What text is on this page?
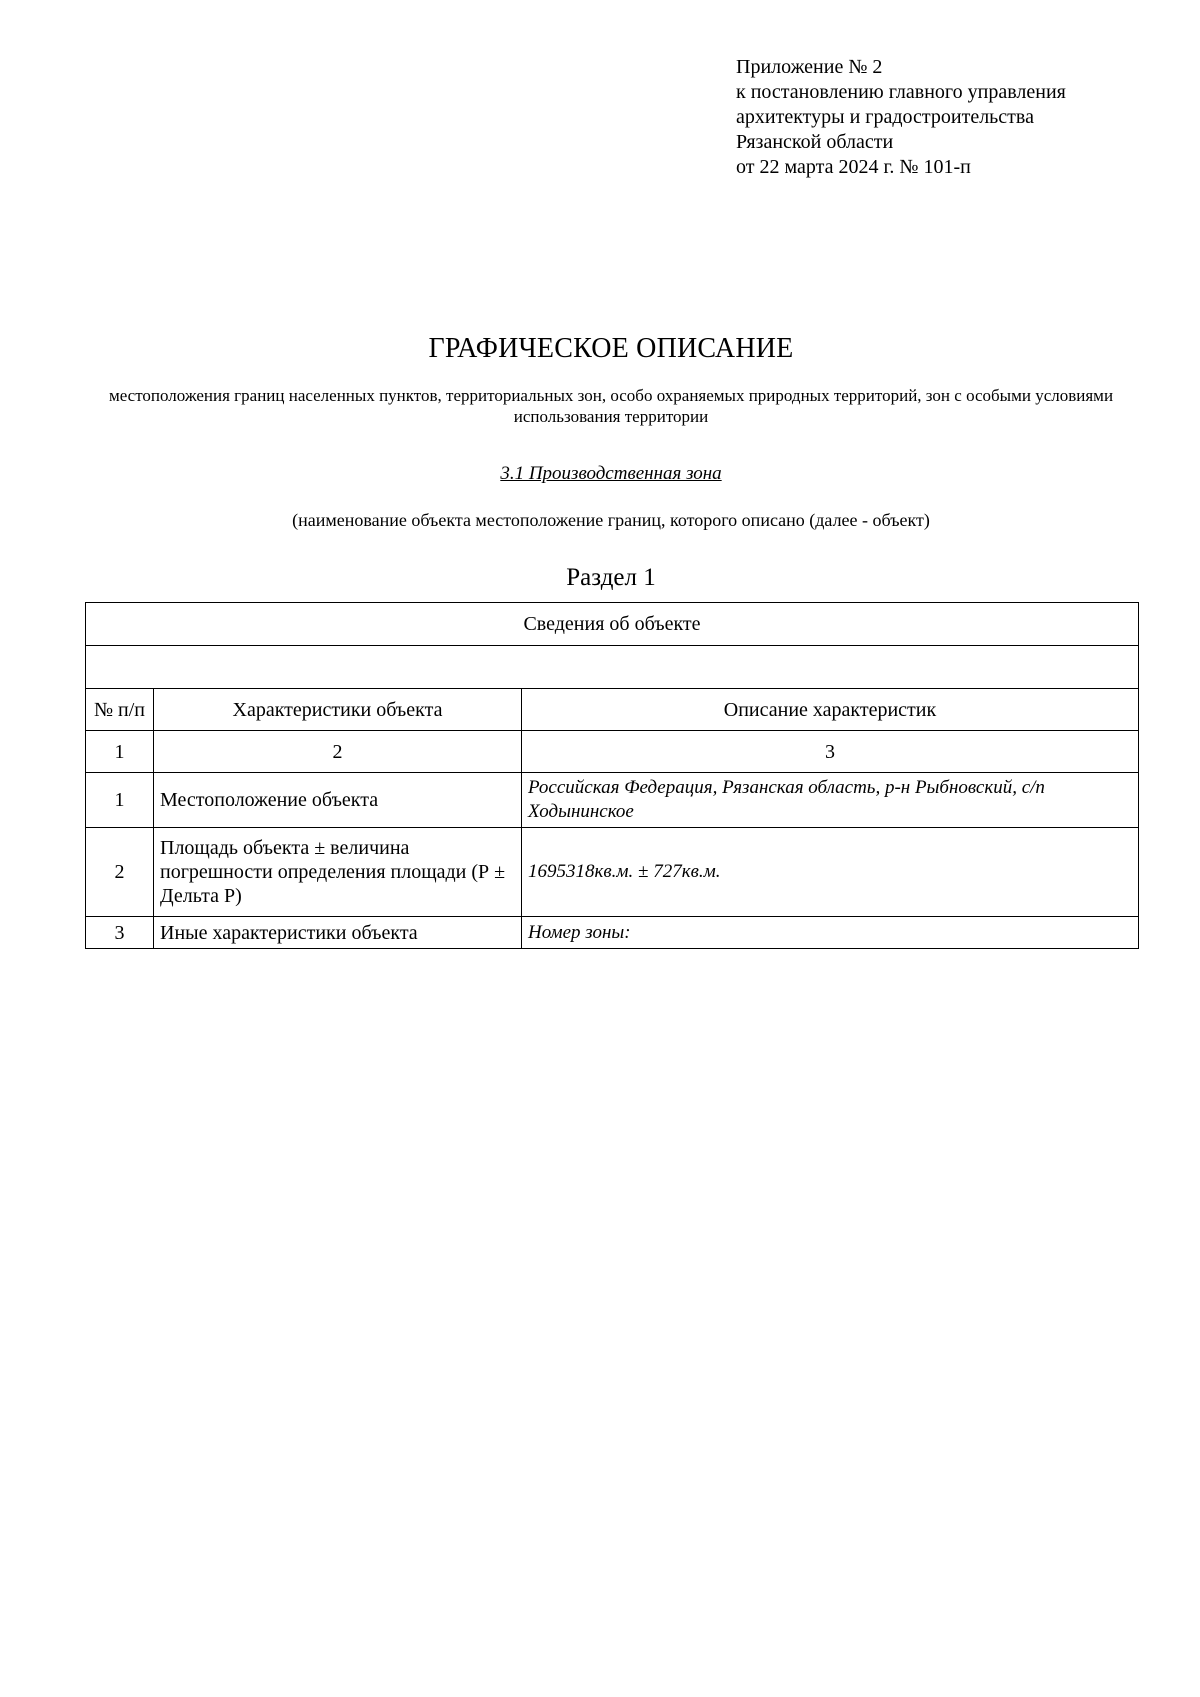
Приложение № 2
к постановлению главного управления
архитектуры и градостроительства
Рязанской области
от 22 марта 2024 г. № 101-п
ГРАФИЧЕСКОЕ ОПИСАНИЕ
местоположения границ населенных пунктов, территориальных зон, особо охраняемых природных территорий, зон с особыми условиями использования территории
3.1 Производственная зона
(наименование объекта местоположение границ, которого описано (далее - объект)
Раздел 1
Сведения об объекте		

№ п/п	Характеристики объекта	Описание характеристик
1	2	3
1	Местоположение объекта	Российская Федерация, Рязанская область, р-н Рыбновский, с/п Ходынинское
2	Площадь объекта ± величина погрешности определения площади (Р ± Дельта Р)	1695318кв.м. ± 727кв.м.
3	Иные характеристики объекта	Номер зоны:
